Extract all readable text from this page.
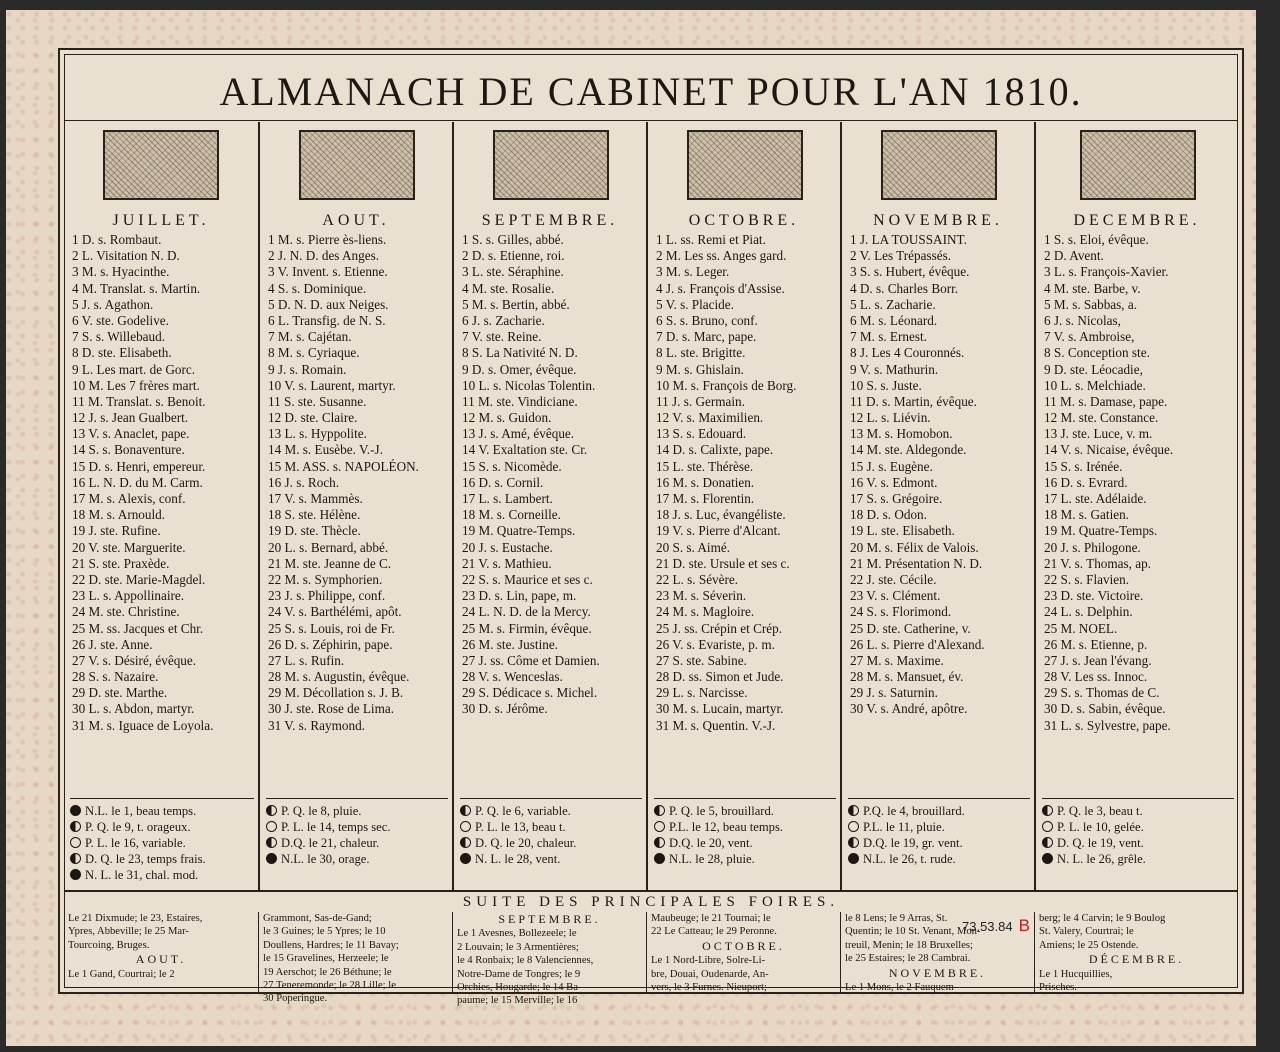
ALMANACH DE CABINET POUR L'AN 1810.
JUILLET.
1 D. s. Rombaut.
2 L. Visitation N. D.
3 M. s. Hyacinthe.
4 M. Translat. s. Martin.
5 J. s. Agathon.
6 V. ste. Godelive.
7 S. s. Willebaud.
8 D. ste. Elisabeth.
9 L. Les mart. de Gorc.
10 M. Les 7 frères mart.
11 M. Translat. s. Benoit.
12 J. s. Jean Gualbert.
13 V. s. Anaclet, pape.
14 S. s. Bonaventure.
15 D. s. Henri, empereur.
16 L. N. D. du M. Carm.
17 M. s. Alexis, conf.
18 M. s. Arnould.
19 J. ste. Rufine.
20 V. ste. Marguerite.
21 S. ste. Praxède.
22 D. ste. Marie-Magdel.
23 L. s. Appollinaire.
24 M. ste. Christine.
25 M. ss. Jacques et Chr.
26 J. ste. Anne.
27 V. s. Désiré, évêque.
28 S. s. Nazaire.
29 D. ste. Marthe.
30 L. s. Abdon, martyr.
31 M. s. Iguace de Loyola.
N.L. le 1, beau temps.
P. Q. le 9, t. orageux.
P. L. le 16, variable.
D. Q. le 23, temps frais.
N. L. le 31, chal. mod.
AOUT.
1 M. s. Pierre ès-liens.
2 J. N. D. des Anges.
3 V. Invent. s. Etienne.
4 S. s. Dominique.
5 D. N. D. aux Neiges.
6 L. Transfig. de N. S.
7 M. s. Cajétan.
8 M. s. Cyriaque.
9 J. s. Romain.
10 V. s. Laurent, martyr.
11 S. ste. Susanne.
12 D. ste. Claire.
13 L. s. Hyppolite.
14 M. s. Eusèbe. V.-J.
15 M. ASS. s. NAPOLÉON.
16 J. s. Roch.
17 V. s. Mammès.
18 S. ste. Hélène.
19 D. ste. Thècle.
20 L. s. Bernard, abbé.
21 M. ste. Jeanne de C.
22 M. s. Symphorien.
23 J. s. Philippe, conf.
24 V. s. Barthélémi, apôt.
25 S. s. Louis, roi de Fr.
26 D. s. Zéphirin, pape.
27 L. s. Rufin.
28 M. s. Augustin, évêque.
29 M. Décollation s. J. B.
30 J. ste. Rose de Lima.
31 V. s. Raymond.
P. Q. le 8, pluie.
P. L. le 14, temps sec.
D.Q. le 21, chaleur.
N.L. le 30, orage.
SEPTEMBRE.
1 S. s. Gilles, abbé.
2 D. s. Etienne, roi.
3 L. ste. Séraphine.
4 M. ste. Rosalie.
5 M. s. Bertin, abbé.
6 J. s. Zacharie.
7 V. ste. Reine.
8 S. La Nativité N. D.
9 D. s. Omer, évêque.
10 L. s. Nicolas Tolentin.
11 M. ste. Vindiciane.
12 M. s. Guidon.
13 J. s. Amé, évêque.
14 V. Exaltation ste. Cr.
15 S. s. Nicomède.
16 D. s. Cornil.
17 L. s. Lambert.
18 M. s. Corneille.
19 M. Quatre-Temps.
20 J. s. Eustache.
21 V. s. Mathieu.
22 S. s. Maurice et ses c.
23 D. s. Lin, pape, m.
24 L. N. D. de la Mercy.
25 M. s. Firmin, évêque.
26 M. ste. Justine.
27 J. ss. Côme et Damien.
28 V. s. Wenceslas.
29 S. Dédicace s. Michel.
30 D. s. Jérôme.
P. Q. le 6, variable.
P. L. le 13, beau t.
D. Q. le 20, chaleur.
N. L. le 28, vent.
OCTOBRE.
1 L. ss. Remi et Piat.
2 M. Les ss. Anges gard.
3 M. s. Leger.
4 J. s. François d'Assise.
5 V. s. Placide.
6 S. s. Bruno, conf.
7 D. s. Marc, pape.
8 L. ste. Brigitte.
9 M. s. Ghislain.
10 M. s. François de Borg.
11 J. s. Germain.
12 V. s. Maximilien.
13 S. s. Edouard.
14 D. s. Calixte, pape.
15 L. ste. Thérèse.
16 M. s. Donatien.
17 M. s. Florentin.
18 J. s. Luc, évangéliste.
19 V. s. Pierre d'Alcant.
20 S. s. Aimé.
21 D. ste. Ursule et ses c.
22 L. s. Sévère.
23 M. s. Séverin.
24 M. s. Magloire.
25 J. ss. Crépin et Crép.
26 V. s. Evariste, p. m.
27 S. ste. Sabine.
28 D. ss. Simon et Jude.
29 L. s. Narcisse.
30 M. s. Lucain, martyr.
31 M. s. Quentin. V.-J.
P. Q. le 5, brouillard.
P.L. le 12, beau temps.
D.Q. le 20, vent.
N.L. le 28, pluie.
NOVEMBRE.
1 J. LA TOUSSAINT.
2 V. Les Trépassés.
3 S. s. Hubert, évêque.
4 D. s. Charles Borr.
5 L. s. Zacharie.
6 M. s. Léonard.
7 M. s. Ernest.
8 J. Les 4 Couronnés.
9 V. s. Mathurin.
10 S. s. Juste.
11 D. s. Martin, évêque.
12 L. s. Liévin.
13 M. s. Homobon.
14 M. ste. Aldegonde.
15 J. s. Eugène.
16 V. s. Edmont.
17 S. s. Grégoire.
18 D. s. Odon.
19 L. ste. Elisabeth.
20 M. s. Félix de Valois.
21 M. Présentation N. D.
22 J. ste. Cécile.
23 V. s. Clément.
24 S. s. Florimond.
25 D. ste. Catherine, v.
26 L. s. Pierre d'Alexand.
27 M. s. Maxime.
28 M. s. Mansuet, év.
29 J. s. Saturnin.
30 V. s. André, apôtre.
P.Q. le 4, brouillard.
P.L. le 11, pluie.
D.Q. le 19, gr. vent.
N.L. le 26, t. rude.
DECEMBRE.
1 S. s. Eloi, évêque.
2 D. Avent.
3 L. s. François-Xavier.
4 M. ste. Barbe, v.
5 M. s. Sabbas, a.
6 J. s. Nicolas,
7 V. s. Ambroise,
8 S. Conception ste.
9 D. ste. Léocadie,
10 L. s. Melchiade.
11 M. s. Damase, pape.
12 M. ste. Constance.
13 J. ste. Luce, v. m.
14 V. s. Nicaise, évêque.
15 S. s. Irénée.
16 D. s. Evrard.
17 L. ste. Adélaide.
18 M. s. Gatien.
19 M. Quatre-Temps.
20 J. s. Philogone.
21 V. s. Thomas, ap.
22 S. s. Flavien.
23 D. ste. Victoire.
24 L. s. Delphin.
25 M. NOEL.
26 M. s. Etienne, p.
27 J. s. Jean l'évang.
28 V. Les ss. Innoc.
29 S. s. Thomas de C.
30 D. s. Sabin, évêque.
31 L. s. Sylvestre, pape.
P. Q. le 3, beau t.
P. L. le 10, gelée.
D. Q. le 19, vent.
N. L. le 26, grêle.
SUITE DES PRINCIPALES FOIRES.
Le 21 Dixmude; le 23, Estaires,
Ypres, Abbeville; le 25 Mar-
Tourcoing, Bruges.
AOUT.
Le 1 Gand, Courtrai; le 2
Grammont, Sas-de-Gand;
le 3 Guines; le 5 Ypres; le 10
Doullens, Hardres; le 11 Bavay;
le 15 Gravelines, Herzeele; le
19 Aerschot; le 26 Béthune; le
27 Teneremonde; le 28 Lille; le
30 Poperingue.
SEPTEMBRE.
Le 1 Avesnes, Bollezeele; le
2 Louvain; le 3 Armentières;
le 4 Ronbaix; le 8 Valenciennes,
Notre-Dame de Tongres; le 9
Orchies, Hougarde; le 14 Ba-
paume; le 15 Merville; le 16
Maubeuge; le 21 Tournai; le
22 Le Catteau; le 29 Peronne.
OCTOBRE.
Le 1 Nord-Libre, Solre-Li-
bre, Douai, Oudenarde, An-
vers, le 3 Furnes. Nieuport;
le 8 Lens; le 9 Arras, St.
Quentin; le 10 St. Venant, Mon-
treuil, Menin; le 18 Bruxelles;
le 25 Estaires; le 28 Cambrai.
NOVEMBRE.
Le 1 Mons, le 2 Fauquem-
berg; le 4 Carvin; le 9 Boulog
St. Valery, Courtrai; le
Amiens; le 25 Ostende.
DÉCEMBRE.
Le 1 Hucquillies,
Prisches.
73.53.84 B
